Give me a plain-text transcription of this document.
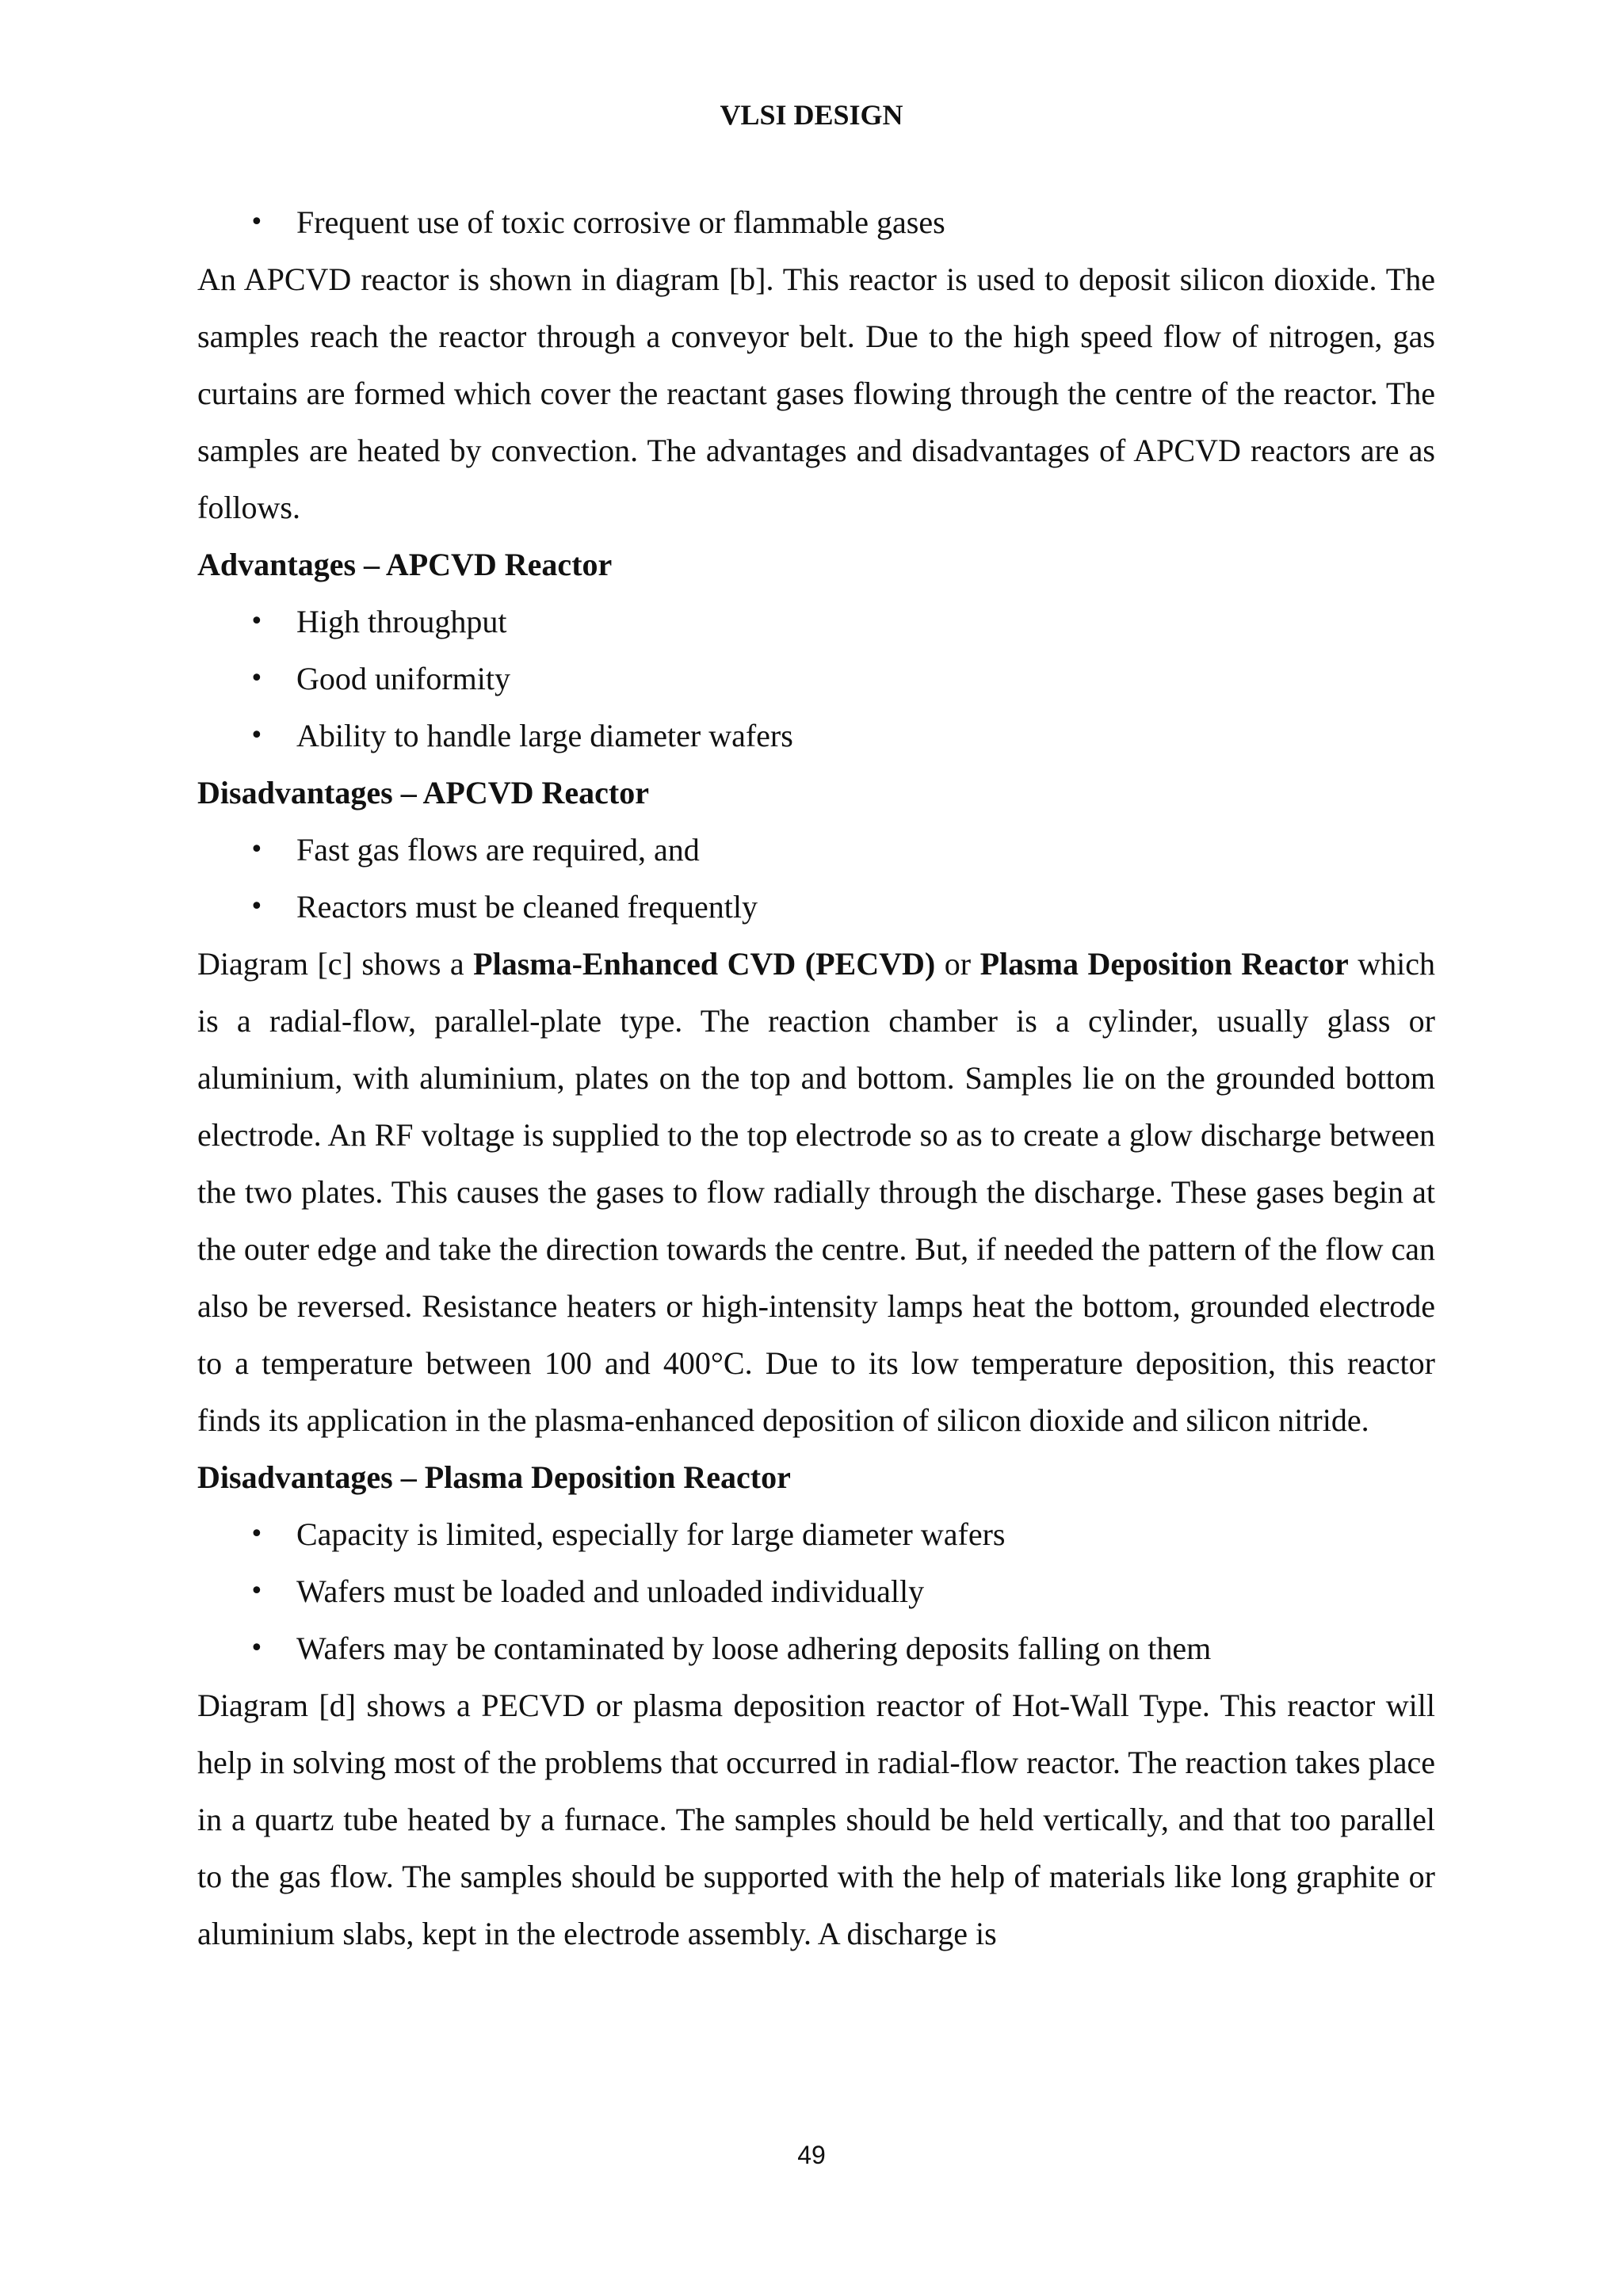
VLSI DESIGN
• Frequent use of toxic corrosive or flammable gases

An APCVD reactor is shown in diagram [b]. This reactor is used to deposit silicon dioxide. The samples reach the reactor through a conveyor belt. Due to the high speed flow of nitrogen, gas curtains are formed which cover the reactant gases flowing through the centre of the reactor. The samples are heated by convection. The advantages and disadvantages of APCVD reactors are as follows.

Advantages – APCVD Reactor

• High throughput
• Good uniformity
• Ability to handle large diameter wafers

Disadvantages – APCVD Reactor

• Fast gas flows are required, and
• Reactors must be cleaned frequently

Diagram [c] shows a Plasma-Enhanced CVD (PECVD) or Plasma Deposition Reactor which is a radial-flow, parallel-plate type. The reaction chamber is a cylinder, usually glass or aluminium, with aluminium, plates on the top and bottom. Samples lie on the grounded bottom electrode. An RF voltage is supplied to the top electrode so as to create a glow discharge between the two plates. This causes the gases to flow radially through the discharge. These gases begin at the outer edge and take the direction towards the centre. But, if needed the pattern of the flow can also be reversed. Resistance heaters or high-intensity lamps heat the bottom, grounded electrode to a temperature between 100 and 400°C. Due to its low temperature deposition, this reactor finds its application in the plasma-enhanced deposition of silicon dioxide and silicon nitride.

Disadvantages – Plasma Deposition Reactor

• Capacity is limited, especially for large diameter wafers
• Wafers must be loaded and unloaded individually
• Wafers may be contaminated by loose adhering deposits falling on them

Diagram [d] shows a PECVD or plasma deposition reactor of Hot-Wall Type. This reactor will help in solving most of the problems that occurred in radial-flow reactor. The reaction takes place in a quartz tube heated by a furnace. The samples should be held vertically, and that too parallel to the gas flow. The samples should be supported with the help of materials like long graphite or aluminium slabs, kept in the electrode assembly. A discharge is

49
